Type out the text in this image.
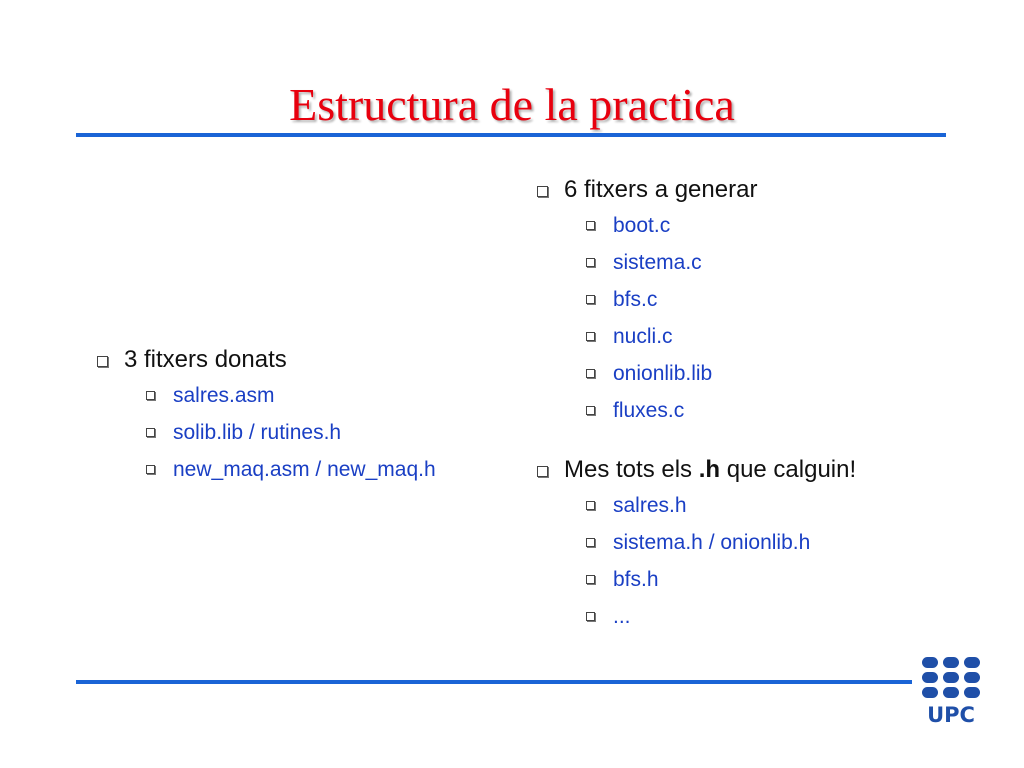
Estructura de la practica
3 fitxers donats
salres.asm
solib.lib / rutines.h
new_maq.asm / new_maq.h
6 fitxers a generar
boot.c
sistema.c
bfs.c
nucli.c
onionlib.lib
fluxes.c
Mes tots els .h que calguin!
salres.h
sistema.h / onionlib.h
bfs.h
...
UPC
